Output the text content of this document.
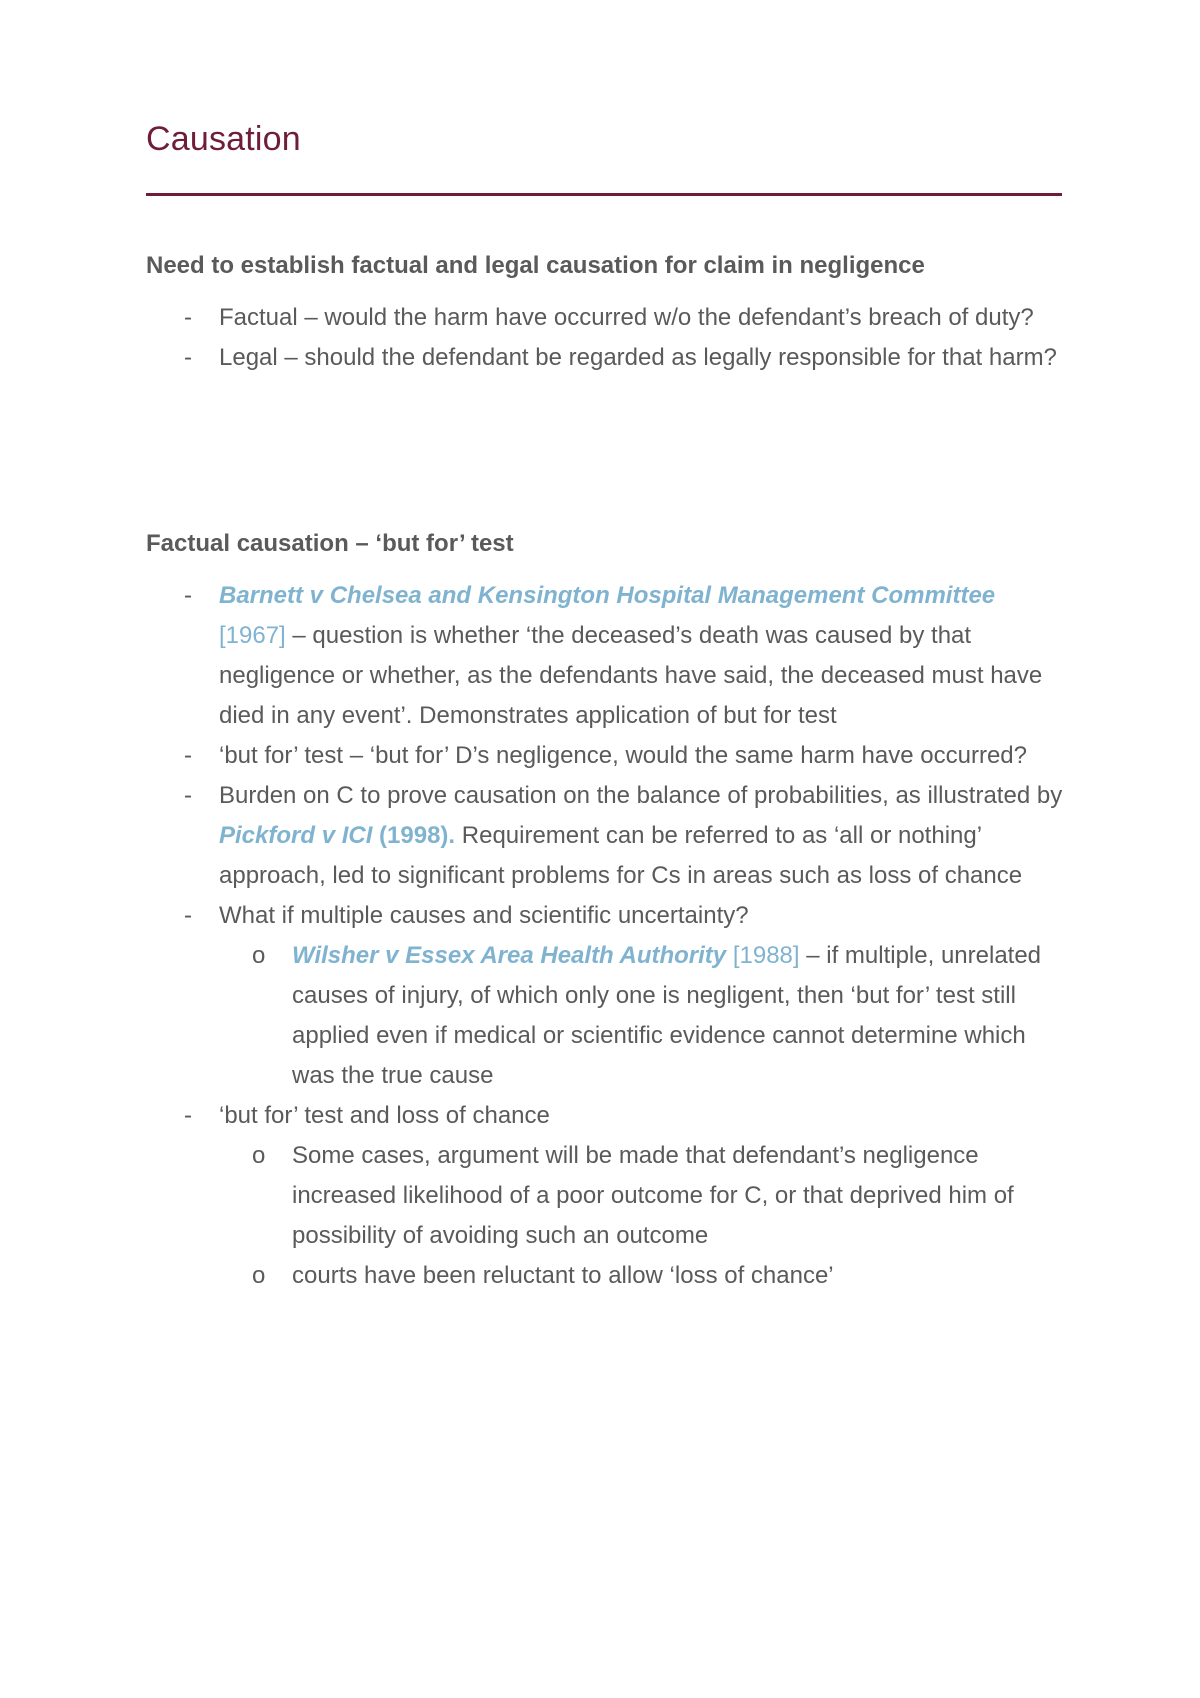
Causation

Need to establish factual and legal causation for claim in negligence

- Factual – would the harm have occurred w/o the defendant’s breach of duty?
- Legal – should the defendant be regarded as legally responsible for that harm?

Factual causation – ‘but for’ test

- Barnett v Chelsea and Kensington Hospital Management Committee [1967] – question is whether ‘the deceased’s death was caused by that negligence or whether, as the defendants have said, the deceased must have died in any event’. Demonstrates application of but for test
- ‘but for’ test – ‘but for’ D’s negligence, would the same harm have occurred?
- Burden on C to prove causation on the balance of probabilities, as illustrated by Pickford v ICI (1998). Requirement can be referred to as ‘all or nothing’ approach, led to significant problems for Cs in areas such as loss of chance
- What if multiple causes and scientific uncertainty?
o	Wilsher v Essex Area Health Authority [1988] – if multiple, unrelated causes of injury, of which only one is negligent, then ‘but for’ test still applied even if medical or scientific evidence cannot determine which was the true cause
- ‘but for’ test and loss of chance
o	Some cases, argument will be made that defendant’s negligence increased likelihood of a poor outcome for C, or that deprived him of possibility of avoiding such an outcome
o	courts have been reluctant to allow ‘loss of chance’
